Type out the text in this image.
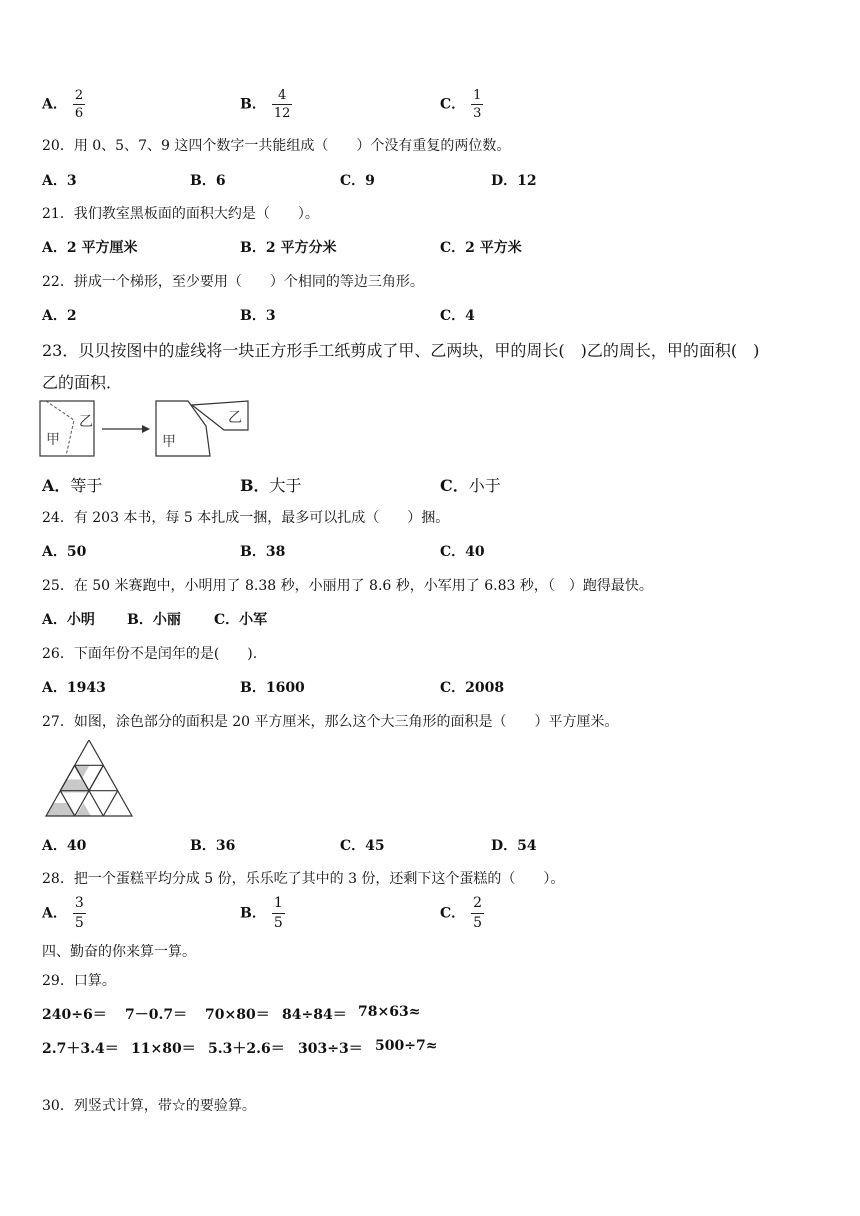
A． $\frac{2}{6}$	B． $\frac{4}{12}$	C． $\frac{1}{3}$
20．用 0、5、7、9 这四个数字一共能组成（　　）个没有重复的两位数。
A．3	B．6	C．9	D．12
21．我们教室黑板面的面积大约是（　　）。
A．2 平方厘米	B．2 平方分米	C．2 平方米
22．拼成一个梯形，至少要用（　　）个相同的等边三角形。
A．2	B．3	C．4
23．贝贝按图中的虚线将一块正方形手工纸剪成了甲、乙两块，甲的周长(　)乙的周长，甲的面积(　)
乙的面积．
乙
甲	甲
乙
A．等于	B．大于	C．小于
24．有 203 本书，每 5 本扎成一捆，最多可以扎成（　　）捆。
A．50	B．38	C．40
25．在 50 米赛跑中，小明用了 8.38 秒，小丽用了 8.6 秒，小军用了 6.83 秒，（　）跑得最快。
A．小明 B．小丽 C．小军
26．下面年份不是闰年的是(　　).
A．1943	B．1600	C．2008
27．如图，涂色部分的面积是 20 平方厘米，那么这个大三角形的面积是（　　）平方厘米。
A．40	B．36	C．45	D．54
28．把一个蛋糕平均分成 5 份，乐乐吃了其中的 3 份，还剩下这个蛋糕的（　　）。
A． $\frac{3}{5}$	B． $\frac{1}{5}$	C． $\frac{2}{5}$
四、勤奋的你来算一算。
29．口算。
240÷6＝ 7－0.7＝ 70×80＝ 84÷84＝ 78×63≈
2.7＋3.4＝ 11×80＝ 5.3＋2.6＝ 303÷3＝ 500÷7≈
30．列竖式计算，带☆的要验算。
